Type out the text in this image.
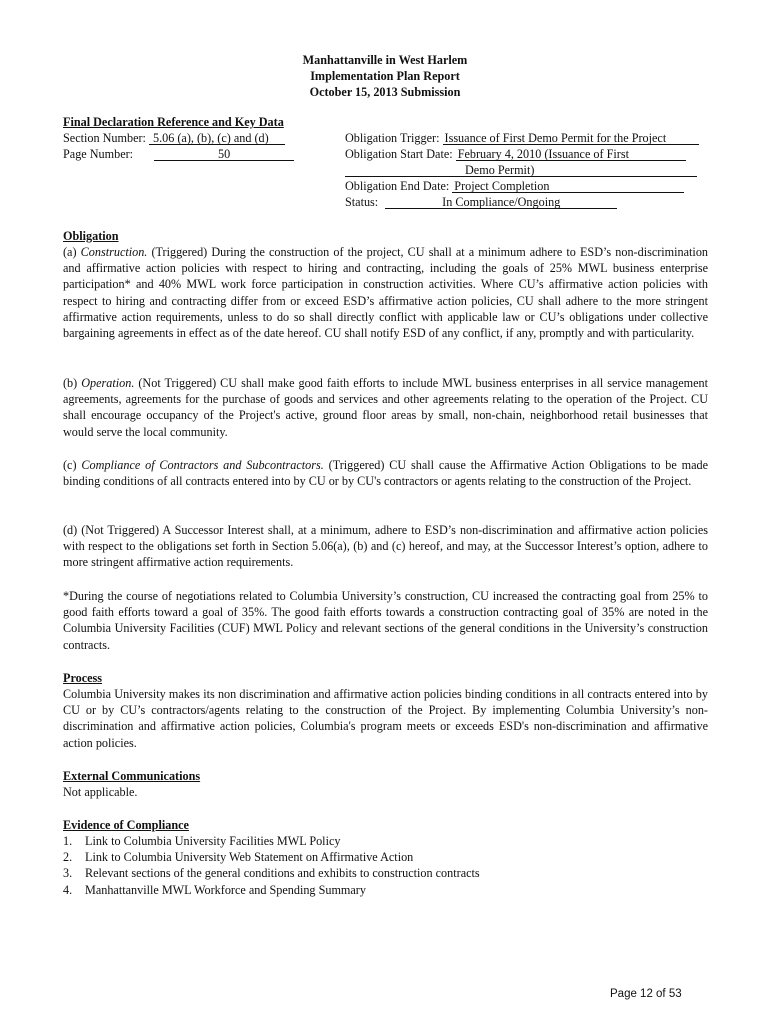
Manhattanville in West Harlem
Implementation Plan Report
October 15, 2013 Submission
Final Declaration Reference and Key Data
Section Number: 5.06 (a), (b), (c) and (d)
Page Number:	50
Obligation Trigger: Issuance of First Demo Permit for the Project
Obligation Start Date: February 4, 2010 (Issuance of First
Demo Permit)
Obligation End Date: Project Completion
Status:	In Compliance/Ongoing
Obligation

(a) Construction. (Triggered) During the construction of the project, CU shall at a minimum adhere to ESD’s non-discrimination and affirmative action policies with respect to hiring and contracting, including the goals of 25% MWL business enterprise participation* and 40% MWL work force participation in construction activities. Where CU’s affirmative action policies with respect to hiring and contracting differ from or exceed ESD’s affirmative action policies, CU shall adhere to the more stringent affirmative action requirements, unless to do so shall directly conflict with applicable law or CU’s obligations under collective bargaining agreements in effect as of the date hereof. CU shall notify ESD of any conflict, if any, promptly and with particularity.

(b) Operation. (Not Triggered) CU shall make good faith efforts to include MWL business enterprises in all service management agreements, agreements for the purchase of goods and services and other agreements relating to the operation of the Project. CU shall encourage occupancy of the Project's active, ground floor areas by small, non-chain, neighborhood retail businesses that would serve the local community.

(c) Compliance of Contractors and Subcontractors. (Triggered) CU shall cause the Affirmative Action Obligations to be made binding conditions of all contracts entered into by CU or by CU's contractors or agents relating to the construction of the Project.

(d) (Not Triggered) A Successor Interest shall, at a minimum, adhere to ESD’s non-discrimination and affirmative action policies with respect to the obligations set forth in Section 5.06(a), (b) and (c) hereof, and may, at the Successor Interest’s option, adhere to more stringent affirmative action requirements.

*During the course of negotiations related to Columbia University’s construction, CU increased the contracting goal from 25% to good faith efforts toward a goal of 35%. The good faith efforts towards a construction contracting goal of 35% are noted in the Columbia University Facilities (CUF) MWL Policy and relevant sections of the general conditions in the University’s construction contracts.

Process

Columbia University makes its non discrimination and affirmative action policies binding conditions in all contracts entered into by CU or by CU’s contractors/agents relating to the construction of the Project. By implementing Columbia University’s non-discrimination and affirmative action policies, Columbia's program meets or exceeds ESD's non-discrimination and affirmative action policies.

External Communications
Not applicable.
Evidence of Compliance
1. Link to Columbia University Facilities MWL Policy
2. Link to Columbia University Web Statement on Affirmative Action
3. Relevant sections of the general conditions and exhibits to construction contracts
4. Manhattanville MWL Workforce and Spending Summary
Page 12 of 53
